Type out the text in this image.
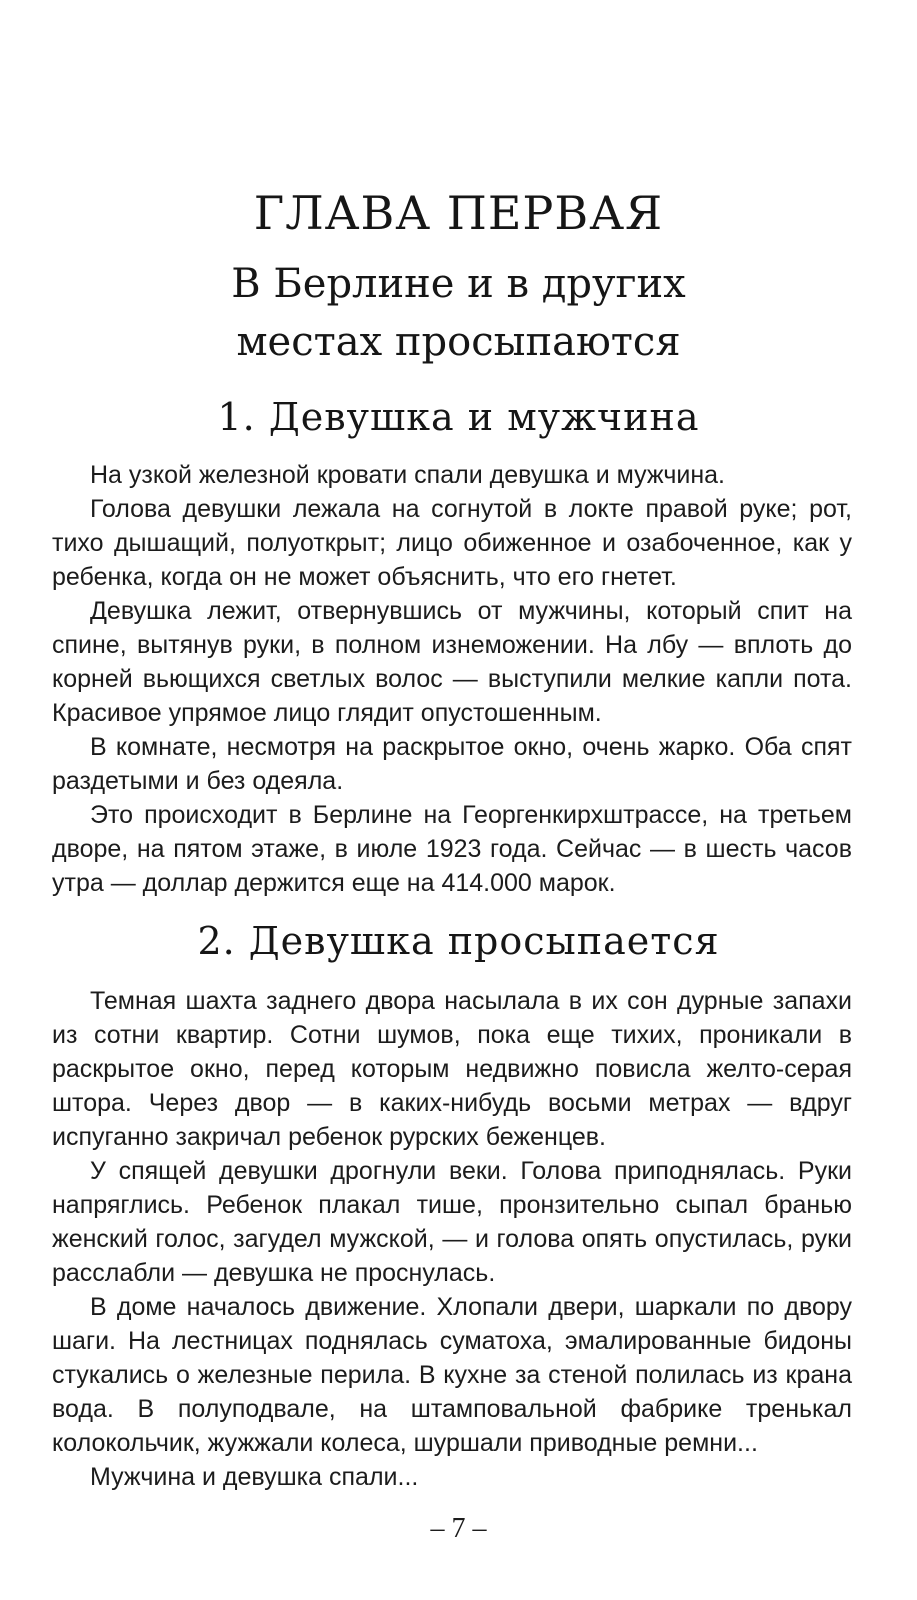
ГЛАВА ПЕРВАЯ
В Берлине и в других
местах просыпаются
1. Девушка и мужчина

На узкой железной кровати спали девушка и мужчина.

Голова девушки лежала на согнутой в локте правой руке; рот, тихо дышащий, полуоткрыт; лицо обиженное и озабоченное, как у ребенка, когда он не может объяснить, что его гнетет.

Девушка лежит, отвернувшись от мужчины, который спит на спине, вытянув руки, в полном изнеможении. На лбу — вплоть до корней вьющихся светлых волос — выступили мелкие капли пота. Красивое упрямое лицо глядит опустошенным.

В комнате, несмотря на раскрытое окно, очень жарко. Оба спят раздетыми и без одеяла.

Это происходит в Берлине на Георгенкирхштрассе, на третьем дворе, на пятом этаже, в июле 1923 года. Сейчас — в шесть часов утра — доллар держится еще на 414.000 марок.

2. Девушка просыпается

Темная шахта заднего двора насылала в их сон дурные запахи из сотни квартир. Сотни шумов, пока еще тихих, проникали в раскрытое окно, перед которым недвижно повисла желто-серая штора. Через двор — в каких-нибудь восьми метрах — вдруг испуганно закричал ребенок рурских беженцев.

У спящей девушки дрогнули веки. Голова приподнялась. Руки напряглись. Ребенок плакал тише, пронзительно сыпал бранью женский голос, загудел мужской, — и голова опять опустилась, руки расслабли — девушка не проснулась.

В доме началось движение. Хлопали двери, шаркали по двору шаги. На лестницах поднялась суматоха, эмалированные бидоны стукались о железные перила. В кухне за стеной полилась из крана вода. В полуподвале, на штамповальной фабрике тренькал колокольчик, жужжали колеса, шуршали приводные ремни...

Мужчина и девушка спали...

– 7 –
